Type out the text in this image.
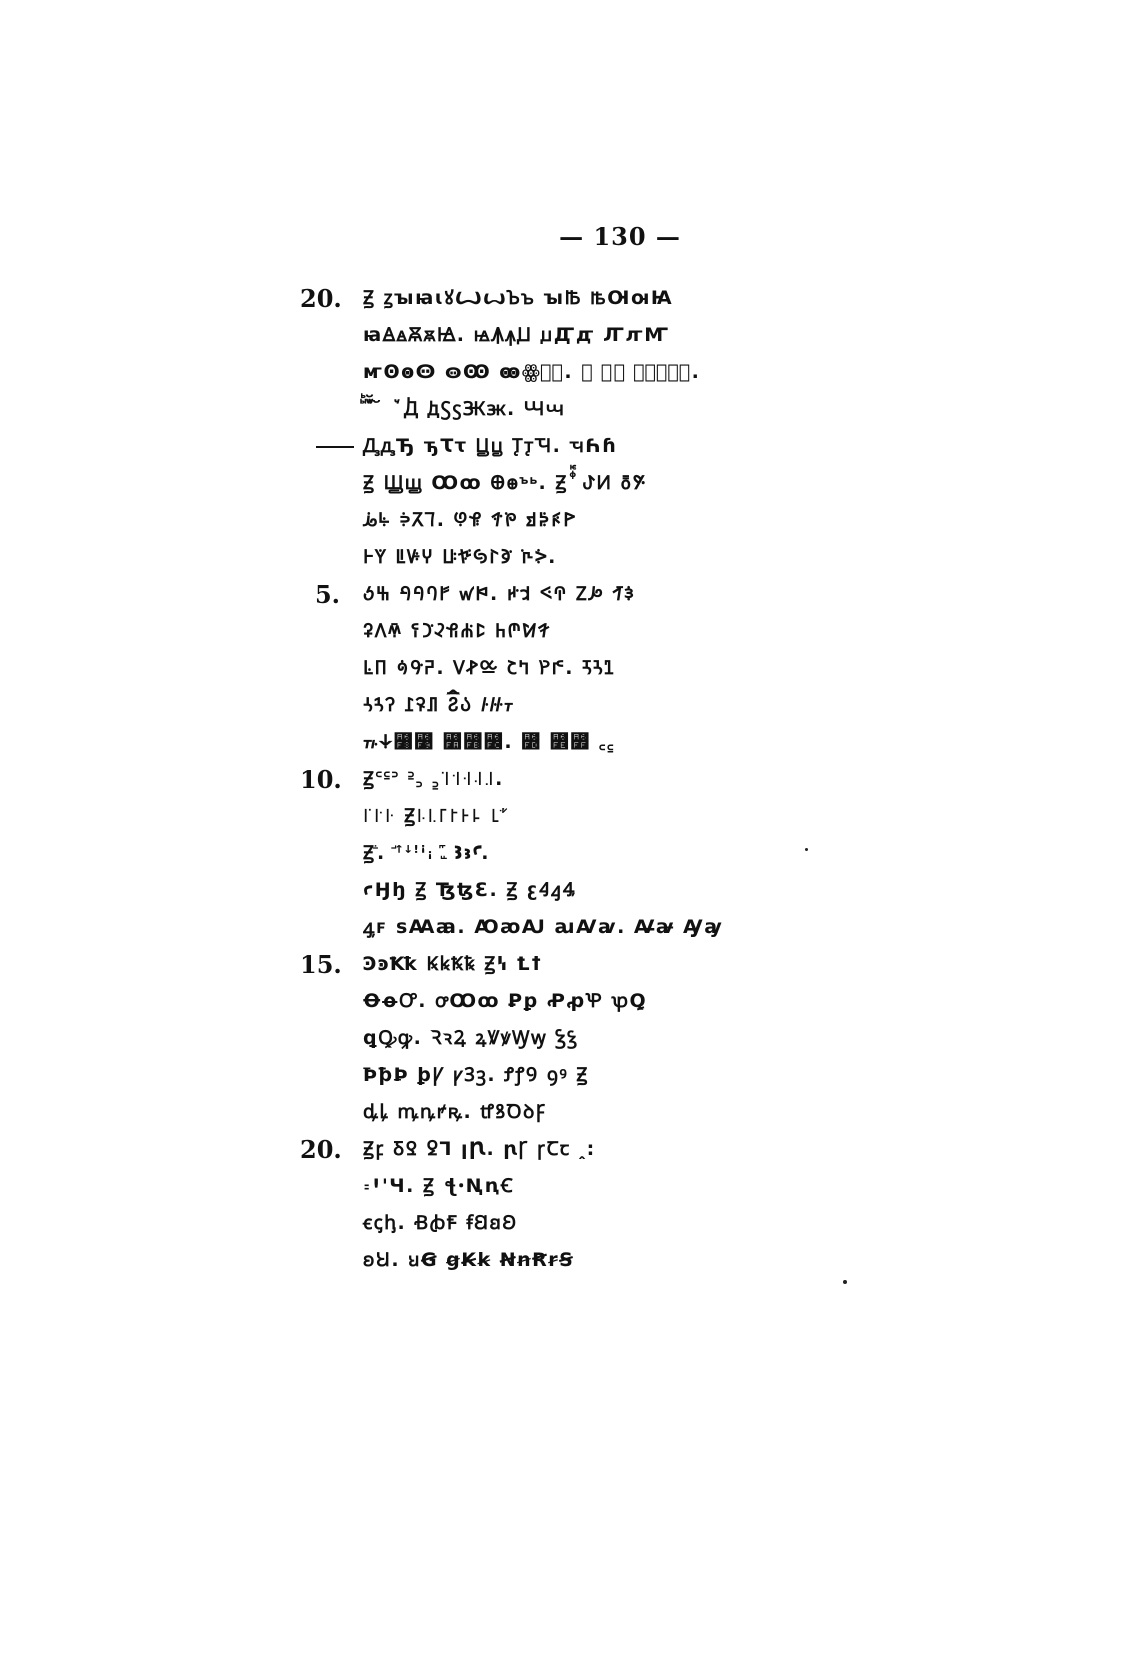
— 130 —
20.	Ꙃ ꙁꙑꙗꙇꙋꙌꙍꙎꙏ ꙑꙒ ꙓꙔꙕꙖ
ꙗꙘꙙꙚꙛꙜ. ꙝꙞꙟꙠ ꙡꙢꙣ ꙤꙥꙦ
ꙧꙨꙩꙪ ꙫꙬ ꙭꙮ꙰꙱. Ꙃ ꙲꙳ ꙴꙵꙶꙷꙸ.
ꙹꙺ ꙻ꙼꙽꙾ ꙿꚀ ꚁꚂꚃꚄꚅ. Ꚇꚇ
ꚈꚉꚊ ꚋꚌꚍ Ꚏꚏ ꚐꚑꚒ. ꚓꚔꚕ
Ꙃ Ꚗꚗ Ꚙꚙ Ꚛꚛꚜꚝ. Ꙃ ꚞꚟ ꚠꚡ ꚢꚣ
ꚤꚥ ꚦꚧꚨ. ꚩꚪ ꚫꚬ ꚭꚮꚯꚰ
ꚱꚲ ꚳꚴꚵ ꚶꚷꚸꚹꚺ ꚻꚼ.
5. ꚽꚾ ꚿꛀꛁꛂ ꛃꛄ. ꛅꛆ ꛇꛈ ꛉꛊ ꛋꛌ
ꛍꛎꛏ ꛐꛑꛒꛓꛔꛕ ꛖꛗꛘꛙ
ꛚꛛ ꛜꛝꛞ. ꛟꛠꛡ ꛢꛣ ꛤꛥ. ꛦꛧꛨ
ꛩꛪꛫ ꛬꛭꛮ ꛯ꛰꛱꛲ ꛳꛴꛵
꛶꛷꛸꛹ ꛺꛻꛼. ꛽ ꛾꛿ ꜀꜁
10.	Ꙃ꜂꜃꜄ ꜅꜆ ꜇꜈꜉꜊꜋꜌.
꜍꜎꜏ Ꙃ꜐꜑꜒꜓꜔꜕ ꜖ꜗꜘ
Ꙃꜙ. ꜚꜛꜜꜝꜞꜟ ꜠꜡ ꜢꜣꜤ.
ꜥꜦꜧ Ꙃ ꜨꜩꜪ. Ꙃ ꜫꜬꜭꜮ
ꜯꜰ ꜱꜲꜳ. ꜴꜵꜶ ꜷꜸꜹ. Ꜻꜻ Ꜽꜽ
15.	ꜾꜿꝀꝁ ꝂꝃꝄꝅ Ꙃꝇ Ꝉꝉ
ꝊꝋꝌ. ꝍꝎꝏ Ꝑꝑ ꝒꝓꝔ ꝕꝖ
ꝗꝘꝙ. ꝚꝛꝜ ꝝꝞꝟꝠꝡ Ꝣꝣ
ꝤꝥꝦ ꝧꝨ ꝩꝪꝫ. ꝬꝭꝮ ꝯꝰ Ꙃ
ꝱꝲ ꝳꝴꝵꝶ. ꝷꝸꝹꝺꝻ
20.	Ꙃꝼ ꝽꝾ ꝿꞀ ꞁꞂ. ꞃꞄ ꞅꞆꞇ ꞈ꞉
꞊ꞋꞌꞍ. Ꙃ ꞎꞏꞐꞑꞒ
ꞓꞔꞕ. ꞖꞗꞘ ꞙꞚꞛꞜ
ꞝꞞ. ꞟꞠ ꞡꞢꞣ ꞤꞥꞦꞧꞨ
